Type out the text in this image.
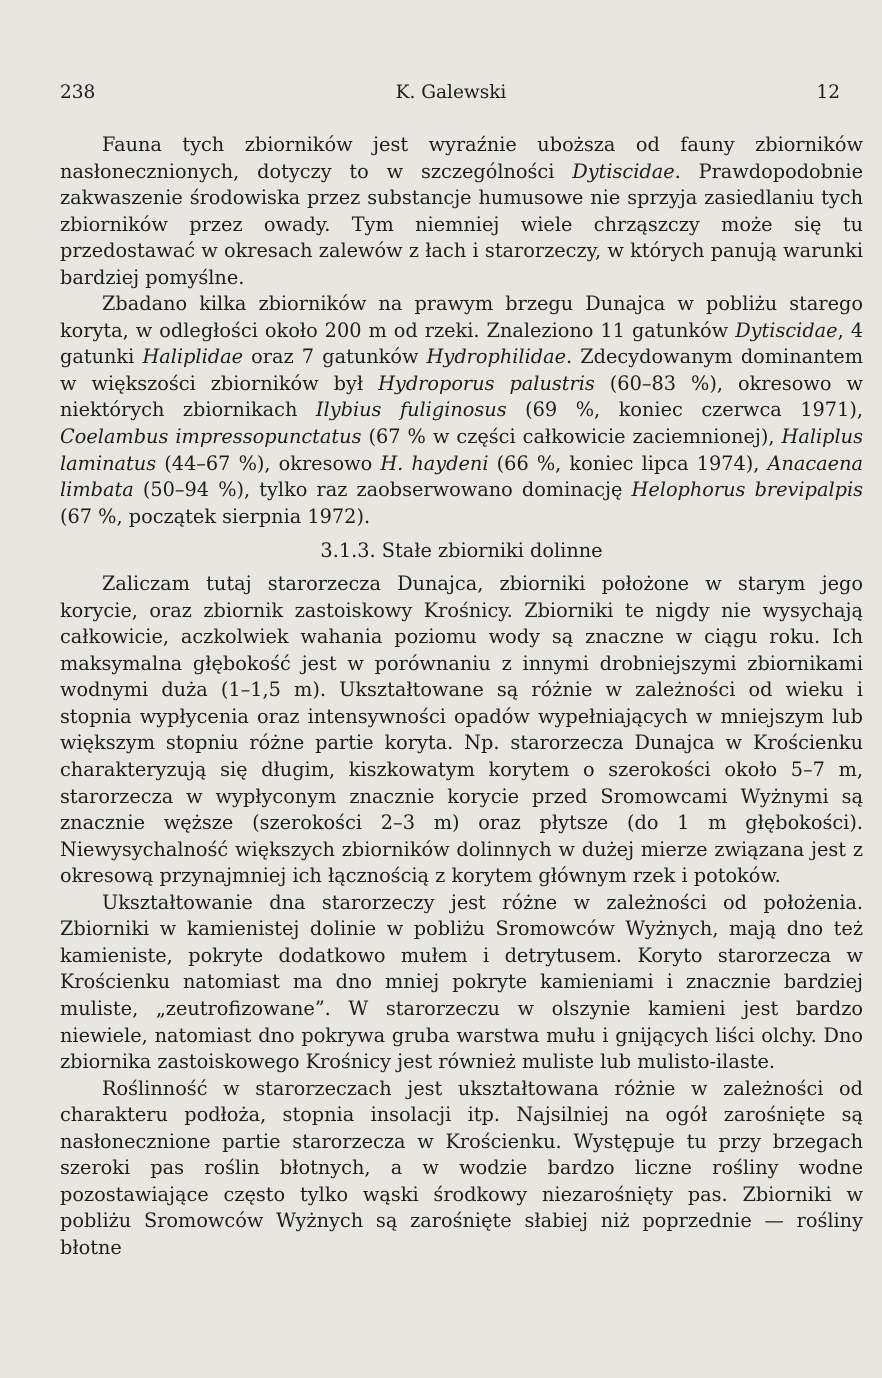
238	K. Galewski	12

Fauna tych zbiorników jest wyraźnie uboższa od fauny zbiorników nasłonecznionych, dotyczy to w szczególności Dytiscidae. Prawdopodobnie zakwaszenie środowiska przez substancje humusowe nie sprzyja zasiedlaniu tych zbiorników przez owady. Tym niemniej wiele chrząszczy może się tu przedostawać w okresach zalewów z łach i starorzeczy, w których panują warunki bardziej pomyślne.

Zbadano kilka zbiorników na prawym brzegu Dunajca w pobliżu starego koryta, w odległości około 200 m od rzeki. Znaleziono 11 gatunków Dytiscidae, 4 gatunki Haliplidae oraz 7 gatunków Hydrophilidae. Zdecydowanym dominantem w większości zbiorników był Hydroporus palustris (60–83 %), okresowo w niektórych zbiornikach Ilybius fuliginosus (69 %, koniec czerwca 1971), Coelambus impressopunctatus (67 % w części całkowicie zaciemnionej), Haliplus laminatus (44–67 %), okresowo H. haydeni (66 %, koniec lipca 1974), Anacaena limbata (50–94 %), tylko raz zaobserwowano dominację Helophorus brevipalpis (67 %, początek sierpnia 1972).

3.1.3. Stałe zbiorniki dolinne

Zaliczam tutaj starorzecza Dunajca, zbiorniki położone w starym jego korycie, oraz zbiornik zastoiskowy Krośnicy. Zbiorniki te nigdy nie wysychają całkowicie, aczkolwiek wahania poziomu wody są znaczne w ciągu roku. Ich maksymalna głębokość jest w porównaniu z innymi drobniejszymi zbiornikami wodnymi duża (1–1,5 m). Ukształtowane są różnie w zależności od wieku i stopnia wypłycenia oraz intensywności opadów wypełniających w mniejszym lub większym stopniu różne partie koryta. Np. starorzecza Dunajca w Krościenku charakteryzują się długim, kiszkowatym korytem o szerokości około 5–7 m, starorzecza w wypłyconym znacznie korycie przed Sromowcami Wyżnymi są znacznie węższe (szerokości 2–3 m) oraz płytsze (do 1 m głębokości). Niewysychalność większych zbiorników dolinnych w dużej mierze związana jest z okresową przynajmniej ich łącznością z korytem głównym rzek i potoków.

Ukształtowanie dna starorzeczy jest różne w zależności od położenia. Zbiorniki w kamienistej dolinie w pobliżu Sromowców Wyżnych, mają dno też kamieniste, pokryte dodatkowo mułem i detrytusem. Koryto starorzecza w Krościenku natomiast ma dno mniej pokryte kamieniami i znacznie bardziej muliste, „zeutrofizowane”. W starorzeczu w olszynie kamieni jest bardzo niewiele, natomiast dno pokrywa gruba warstwa mułu i gnijących liści olchy. Dno zbiornika zastoiskowego Krośnicy jest również muliste lub mulisto-ilaste.

Roślinność w starorzeczach jest ukształtowana różnie w zależności od charakteru podłoża, stopnia insolacji itp. Najsilniej na ogół zarośnięte są nasłonecznione partie starorzecza w Krościenku. Występuje tu przy brzegach szeroki pas roślin błotnych, a w wodzie bardzo liczne rośliny wodne pozostawiające często tylko wąski środkowy niezarośnięty pas. Zbiorniki w pobliżu Sromowców Wyżnych są zarośnięte słabiej niż poprzednie — rośliny błotne
